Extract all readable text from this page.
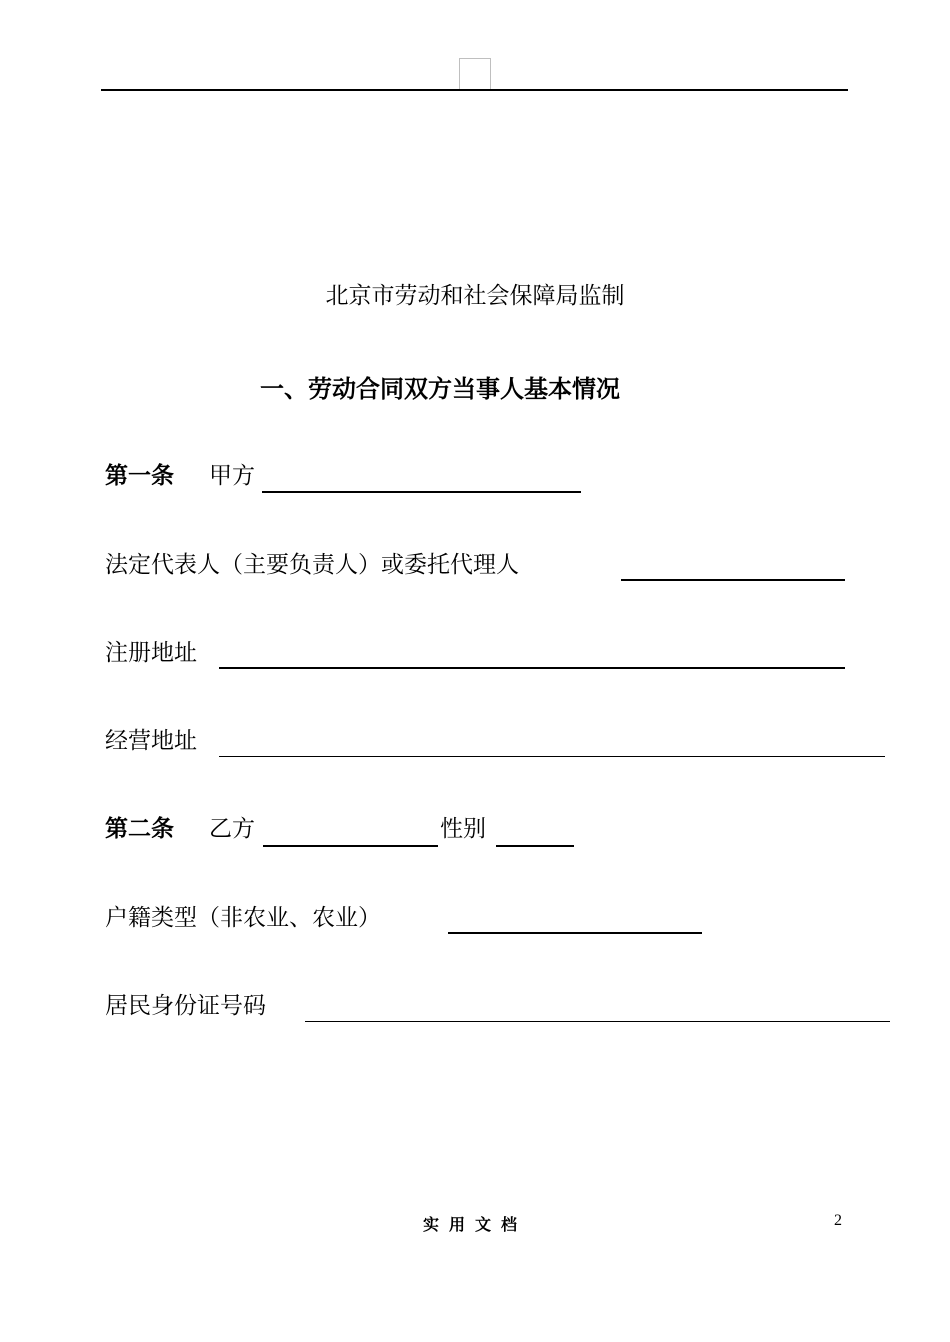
北京市劳动和社会保障局监制
一、劳动合同双方当事人基本情况
第一条 甲方
法定代表人（主要负责人）或委托代理人
注册地址
经营地址
第二条 乙方	性别
户籍类型（非农业、农业）
居民身份证号码
实用文档	2
